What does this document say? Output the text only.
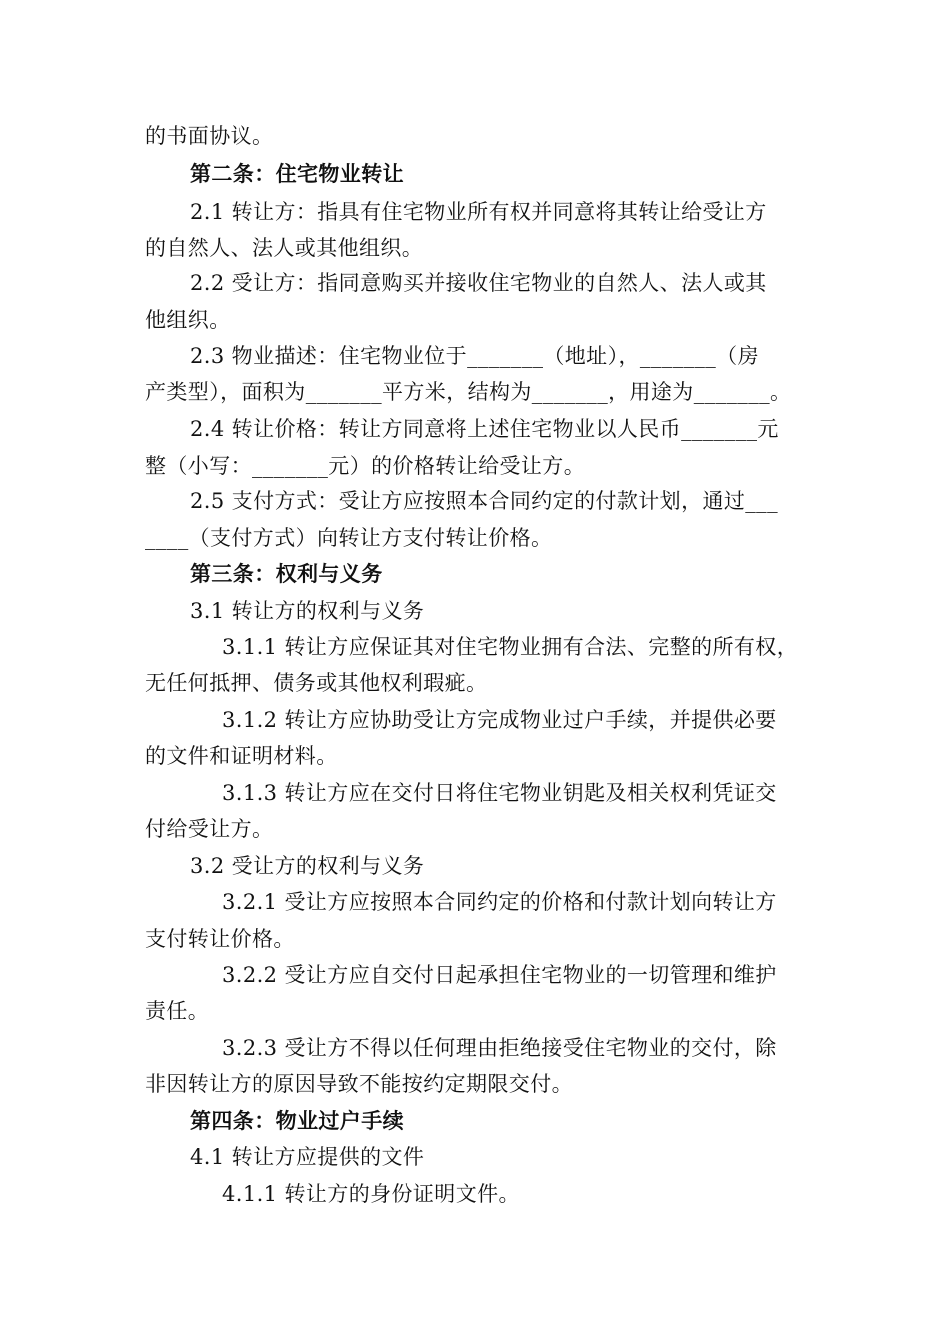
的书面协议。
第二条：住宅物业转让
2.1 转让方：指具有住宅物业所有权并同意将其转让给受让方
的自然人、法人或其他组织。
2.2 受让方：指同意购买并接收住宅物业的自然人、法人或其
他组织。
2.3 物业描述：住宅物业位于_______（地址），_______（房
产类型），面积为_______平方米，结构为_______，用途为_______。
2.4 转让价格：转让方同意将上述住宅物业以人民币_______元
整（小写：_______元）的价格转让给受让方。
2.5 支付方式：受让方应按照本合同约定的付款计划，通过___
____（支付方式）向转让方支付转让价格。
第三条：权利与义务
3.1 转让方的权利与义务
3.1.1 转让方应保证其对住宅物业拥有合法、完整的所有权，
无任何抵押、债务或其他权利瑕疵。
3.1.2 转让方应协助受让方完成物业过户手续，并提供必要
的文件和证明材料。
3.1.3 转让方应在交付日将住宅物业钥匙及相关权利凭证交
付给受让方。
3.2 受让方的权利与义务
3.2.1 受让方应按照本合同约定的价格和付款计划向转让方
支付转让价格。
3.2.2 受让方应自交付日起承担住宅物业的一切管理和维护
责任。
3.2.3 受让方不得以任何理由拒绝接受住宅物业的交付，除
非因转让方的原因导致不能按约定期限交付。
第四条：物业过户手续
4.1 转让方应提供的文件
4.1.1 转让方的身份证明文件。
